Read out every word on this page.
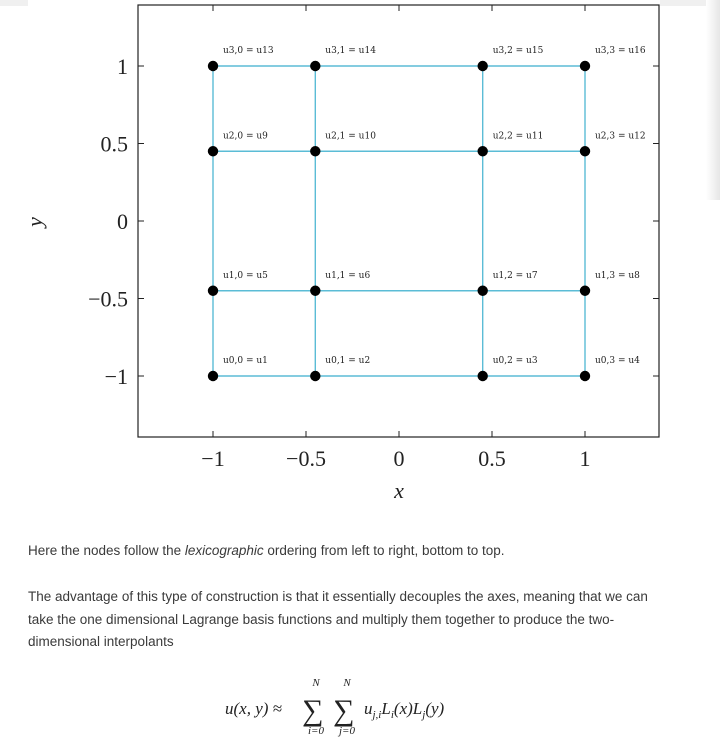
u3,0 = u13	u3,1 = u14	u3,2 = u15	u3,3 = u16
u2,0 = u9	u2,1 = u10	u2,2 = u11	u2,3 = u12
u1,0 = u5	u1,1 = u6	u1,2 = u7	u1,3 = u8
u0,0 = u1	u0,1 = u2	u0,2 = u3	u0,3 = u4
−1	−0.5	0	0.5	1
1
0.5
0
−0.5
−1
x
y

Here the nodes follow the lexicographic ordering from left to right, bottom to top.

The advantage of this type of construction is that it essentially decouples the axes, meaning that we can take the one dimensional Lagrange basis functions and multiply them together to produce the two-dimensional interpolants

u(x, y) ≈ ∑
N
i=0
∑
N
j=0
$u_{j,i}L_i(x)L_j(y)$
